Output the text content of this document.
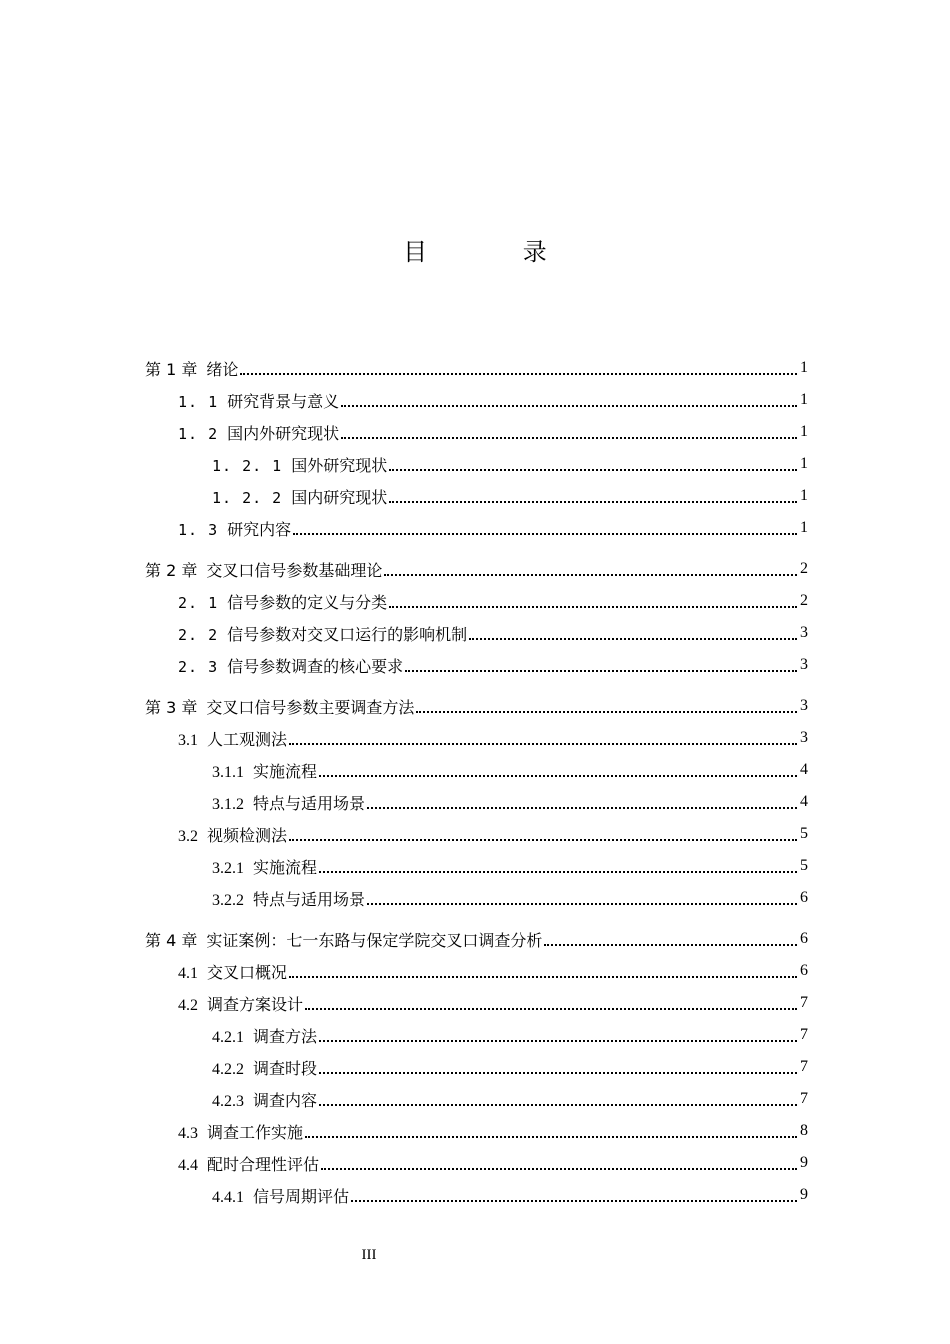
目 录
第 1 章 绪论	1
1. 1 研究背景与意义	1
1. 2 国内外研究现状	1
1. 2. 1 国外研究现状	1
1. 2. 2 国内研究现状	1
1. 3 研究内容	1
第 2 章 交叉口信号参数基础理论	2
2. 1 信号参数的定义与分类	2
2. 2 信号参数对交叉口运行的影响机制	3
2. 3 信号参数调查的核心要求	3
第 3 章 交叉口信号参数主要调查方法	3
3.1 人工观测法	3
3.1.1 实施流程	4
3.1.2 特点与适用场景	4
3.2 视频检测法	5
3.2.1 实施流程	5
3.2.2 特点与适用场景	6
第 4 章 实证案例：七一东路与保定学院交叉口调查分析	6
4.1 交叉口概况	6
4.2 调查方案设计	7
4.2.1 调查方法	7
4.2.2 调查时段	7
4.2.3 调查内容	7
4.3 调查工作实施	8
4.4 配时合理性评估	9
4.4.1 信号周期评估	9
III
